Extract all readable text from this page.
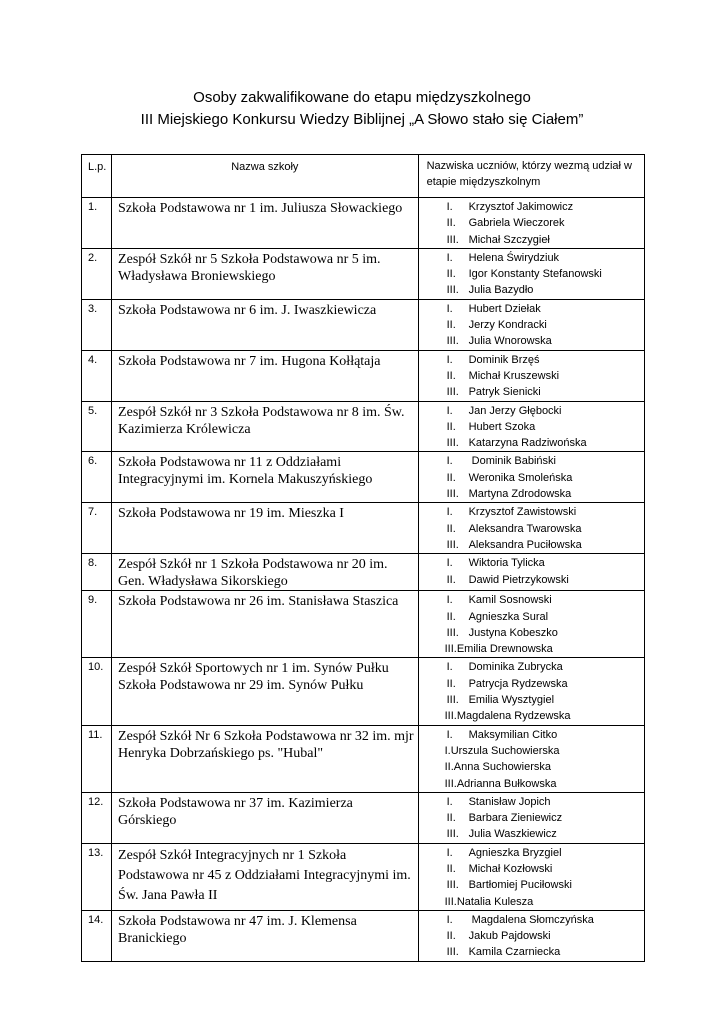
Osoby zakwalifikowane do etapu międzyszkolnego
III Miejskiego Konkursu Wiedzy Biblijnej „A Słowo stało się Ciałem”
L.p.	Nazwa szkoły	Nazwiska uczniów, którzy wezmą udział w etapie międzyszkolnym
1.	Szkoła Podstawowa nr 1 im. Juliusza Słowackiego	I. Krzysztof Jakimowicz
II. Gabriela Wieczorek
III. Michał Szczygieł

2.	Zespół Szkół nr 5 Szkoła Podstawowa nr 5 im. Władysława Broniewskiego	I. Helena Świrydziuk
II. Igor Konstanty Stefanowski
III. Julia Bazydło

3.	Szkoła Podstawowa nr 6 im. J. Iwaszkiewicza	I. Hubert Dziełak
II. Jerzy Kondracki
III. Julia Wnorowska

4.	Szkoła Podstawowa nr 7 im. Hugona Kołłątaja	I. Dominik Brzęś
II. Michał Kruszewski
III. Patryk Sienicki

5.	Zespół Szkół nr 3 Szkoła Podstawowa nr 8 im. Św. Kazimierza Królewicza	I. Jan Jerzy Głębocki
II. Hubert Szoka
III. Katarzyna Radziwońska

6.	Szkoła Podstawowa nr 11 z Oddziałami Integracyjnymi im. Kornela Makuszyńskiego	I. Dominik Babiński
II. Weronika Smoleńska
III. Martyna Zdrodowska

7.	Szkoła Podstawowa nr 19 im. Mieszka I	I. Krzysztof Zawistowski
II. Aleksandra Twarowska
III. Aleksandra Puciłowska

8.	Zespół Szkół nr 1 Szkoła Podstawowa nr 20 im. Gen. Władysława Sikorskiego	I. Wiktoria Tylicka
II. Dawid Pietrzykowski

9.	Szkoła Podstawowa nr 26 im. Stanisława Staszica	I. Kamil Sosnowski
II. Agnieszka Sural
III. Justyna Kobeszko
III.Emilia Drewnowska

10.	Zespół Szkół Sportowych nr 1 im. Synów Pułku Szkoła Podstawowa nr 29 im. Synów Pułku	I. Dominika Zubrycka
II. Patrycja Rydzewska
III. Emilia Wysztygiel
III.Magdalena Rydzewska

11.	Zespół Szkół Nr 6 Szkoła Podstawowa nr 32 im. mjr Henryka Dobrzańskiego ps. "Hubal"	I. Maksymilian Citko
I.Urszula Suchowierska
II.Anna Suchowierska
III.Adrianna Bułkowska

12.	Szkoła Podstawowa nr 37 im. Kazimierza Górskiego	I. Stanisław Jopich
II. Barbara Zieniewicz
III. Julia Waszkiewicz

13.	Zespół Szkół Integracyjnych nr 1 Szkoła Podstawowa nr 45 z Oddziałami Integracyjnymi im. Św. Jana Pawła II	I. Agnieszka Bryzgiel
II. Michał Kozłowski
III. Bartłomiej Puciłowski
III.Natalia Kulesza

14.	Szkoła Podstawowa nr 47 im. J. Klemensa Branickiego	I. Magdalena Słomczyńska
II. Jakub Pajdowski
III. Kamila Czarniecka
